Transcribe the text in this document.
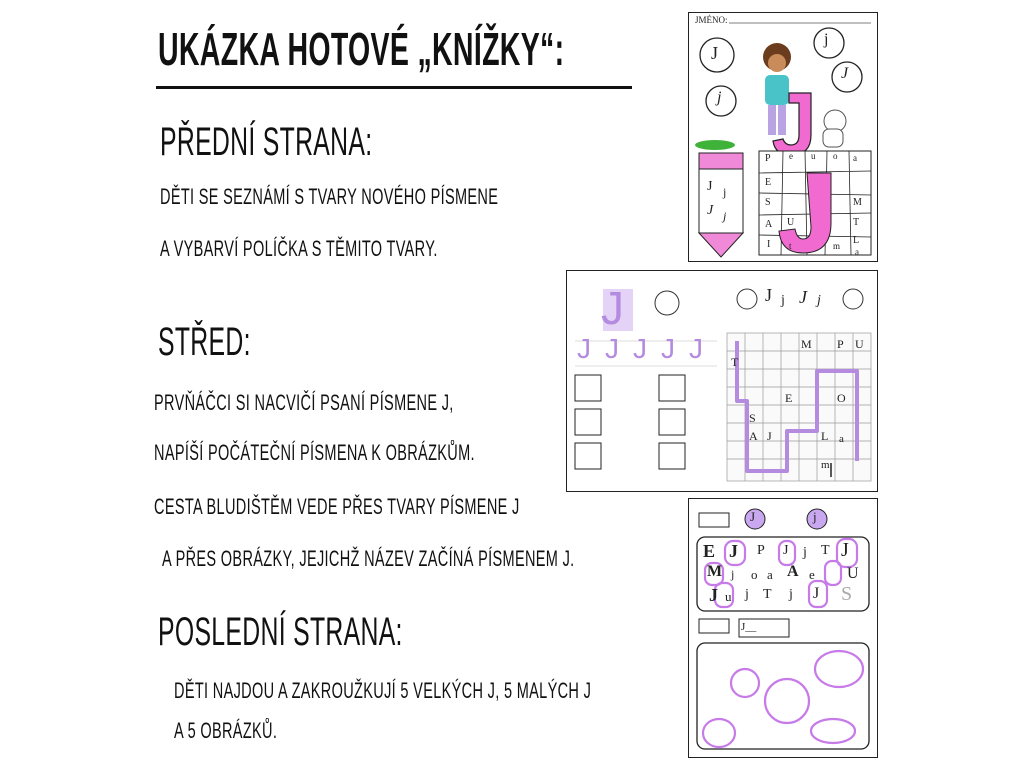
UKÁZKA HOTOVÉ „KNÍŽKY“:
PŘEDNÍ STRANA:
DĚTI SE SEZNÁMÍ S TVARY NOVÉHO PÍSMENE
A VYBARVÍ POLÍČKA S TĚMITO TVARY.
STŘED:
PRVŇÁČCI SI NACVIČÍ PSANÍ PÍSMENE J,
NAPÍŠÍ POČÁTEČNÍ PÍSMENA K OBRÁZKŮM.
CESTA BLUDIŠTĚM VEDE PŘES TVARY PÍSMENE J
A PŘES OBRÁZKY, JEJICHŽ NÁZEV ZAČÍNÁ PÍSMENEM J.
POSLEDNÍ STRANA:
DĚTI NAJDOU A ZAKROUŽKUJÍ 5 VELKÝCH J, 5 MALÝCH J
A 5 OBRÁZKŮ.
JMÉNO:
J
j
J
j
J j
J j
P e u o a
E
S	M
T
A U
L
I t	m
a
J
J J J J J
J j J j
M P U
T
E	O
S
A J	L a
m
J	j
J__
E J P J j T J
M j o a A e U
J u j T j J S
